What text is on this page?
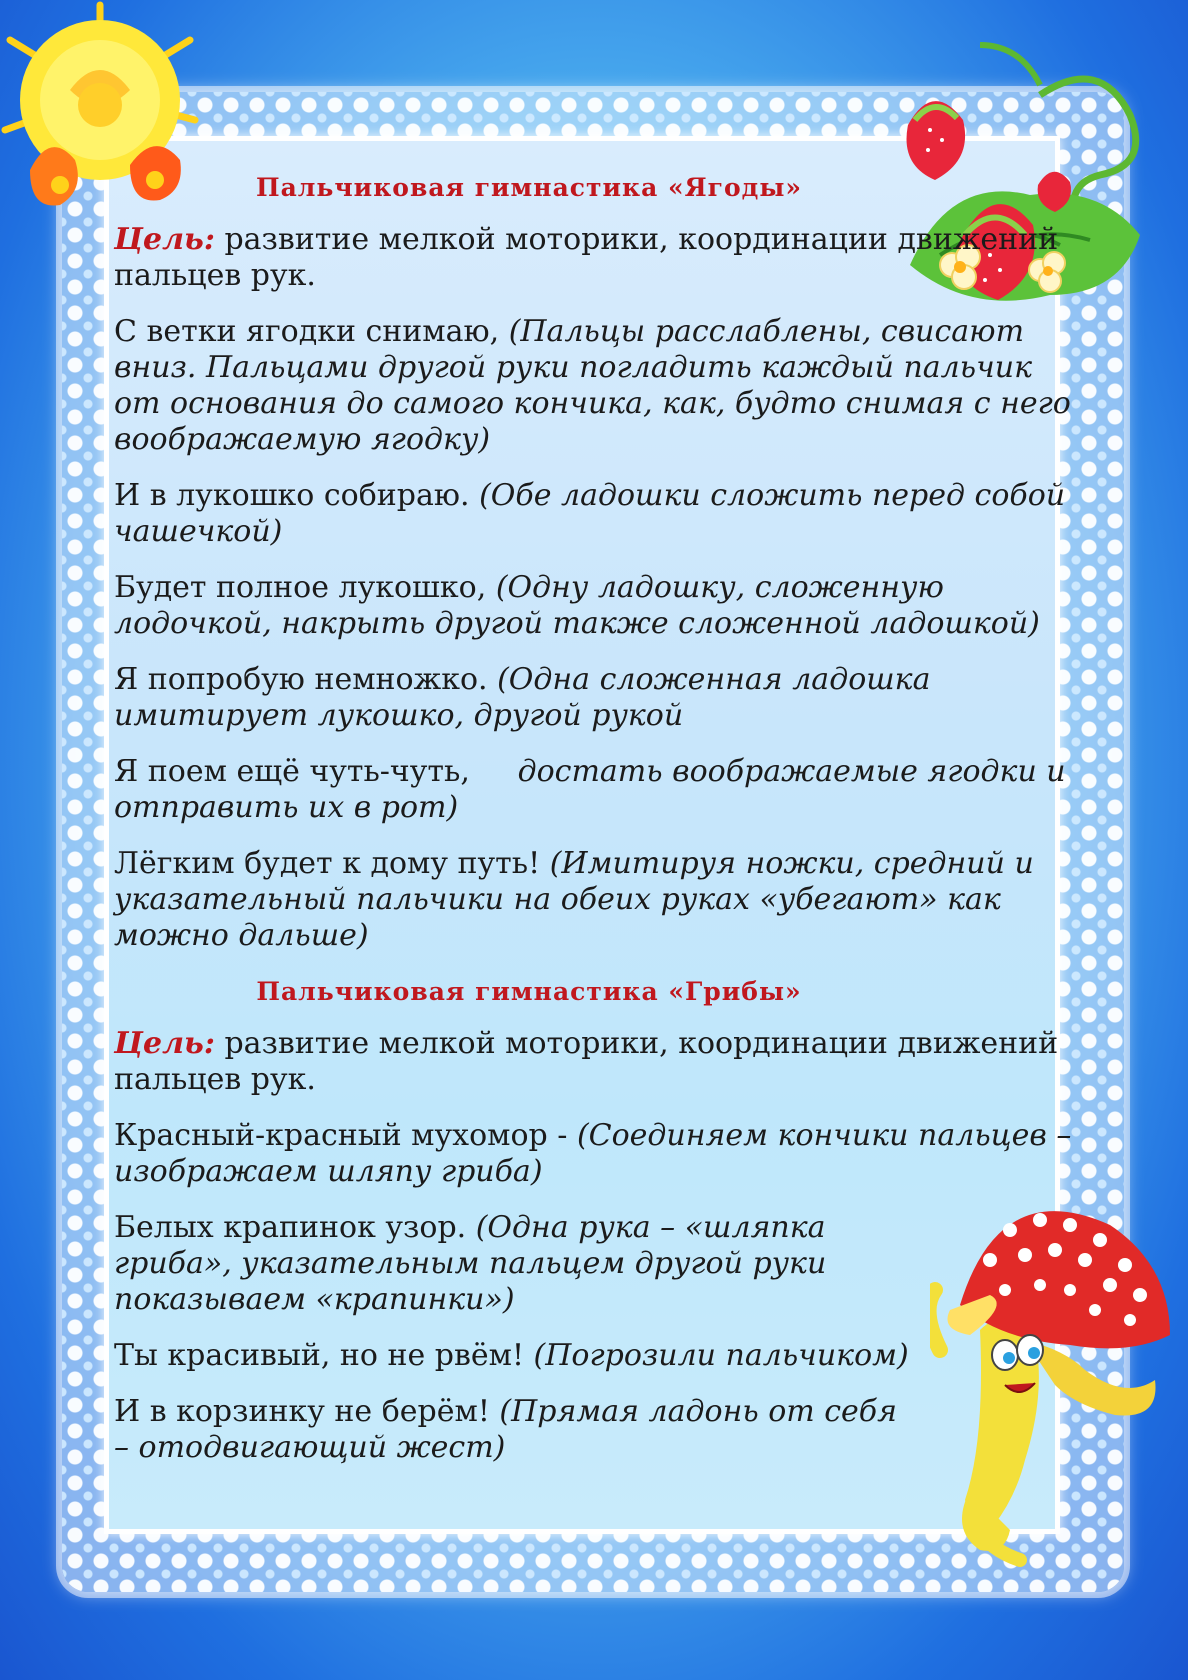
Пальчиковая гимнастика «Ягоды»

Цель: развитие мелкой моторики, координации движений пальцев рук.

С ветки ягодки снимаю, (Пальцы расслаблены, свисают вниз. Пальцами другой руки погладить каждый пальчик от основания до самого кончика, как, будто снимая с него воображаемую ягодку)

И в лукошко собираю. (Обе ладошки сложить перед собой чашечкой)

Будет полное лукошко, (Одну ладошку, сложенную лодочкой, накрыть другой также сложенной ладошкой)

Я попробую немножко. (Одна сложенная ладошка имитирует лукошко, другой рукой

Я поем ещё чуть-чуть,     достать воображаемые ягодки и отправить их в рот)

Лёгким будет к дому путь! (Имитируя ножки, средний и указательный пальчики на обеих руках «убегают» как можно дальше)

Пальчиковая гимнастика «Грибы»

Цель: развитие мелкой моторики, координации движений пальцев рук.

Красный-красный мухомор - (Соединяем кончики пальцев – изображаем шляпу гриба)

Белых крапинок узор. (Одна рука – «шляпка гриба», указательным пальцем другой руки показываем «крапинки»)

Ты красивый, но не рвём! (Погрозили пальчиком)

И в корзинку не берём! (Прямая ладонь от себя – отодвигающий жест)
